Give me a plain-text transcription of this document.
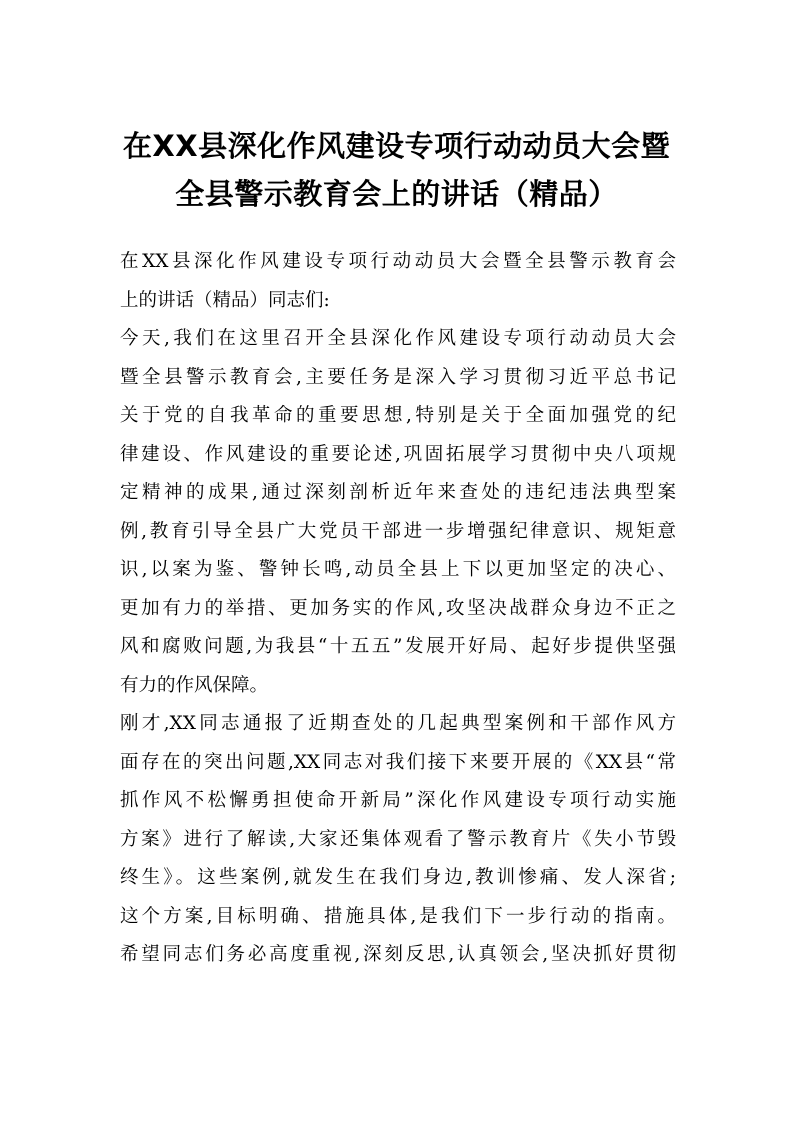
在XX县深化作风建设专项行动动员大会暨
全县警示教育会上的讲话（精品）
在XX县深化作风建设专项行动动员大会暨全县警示教育会
上的讲话（精品）同志们:
今天,我们在这里召开全县深化作风建设专项行动动员大会
暨全县警示教育会,主要任务是深入学习贯彻习近平总书记
关于党的自我革命的重要思想,特别是关于全面加强党的纪
律建设、作风建设的重要论述,巩固拓展学习贯彻中央八项规
定精神的成果,通过深刻剖析近年来查处的违纪违法典型案
例,教育引导全县广大党员干部进一步增强纪律意识、规矩意
识,以案为鉴、警钟长鸣,动员全县上下以更加坚定的决心、
更加有力的举措、更加务实的作风,攻坚决战群众身边不正之
风和腐败问题,为我县“十五五”发展开好局、起好步提供坚强
有力的作风保障。
刚才,XX同志通报了近期查处的几起典型案例和干部作风方
面存在的突出问题,XX同志对我们接下来要开展的《XX县“常
抓作风不松懈勇担使命开新局”深化作风建设专项行动实施
方案》进行了解读,大家还集体观看了警示教育片《失小节毁
终生》。这些案例,就发生在我们身边,教训惨痛、发人深省;
这个方案,目标明确、措施具体,是我们下一步行动的指南。
希望同志们务必高度重视,深刻反思,认真领会,坚决抓好贯彻
